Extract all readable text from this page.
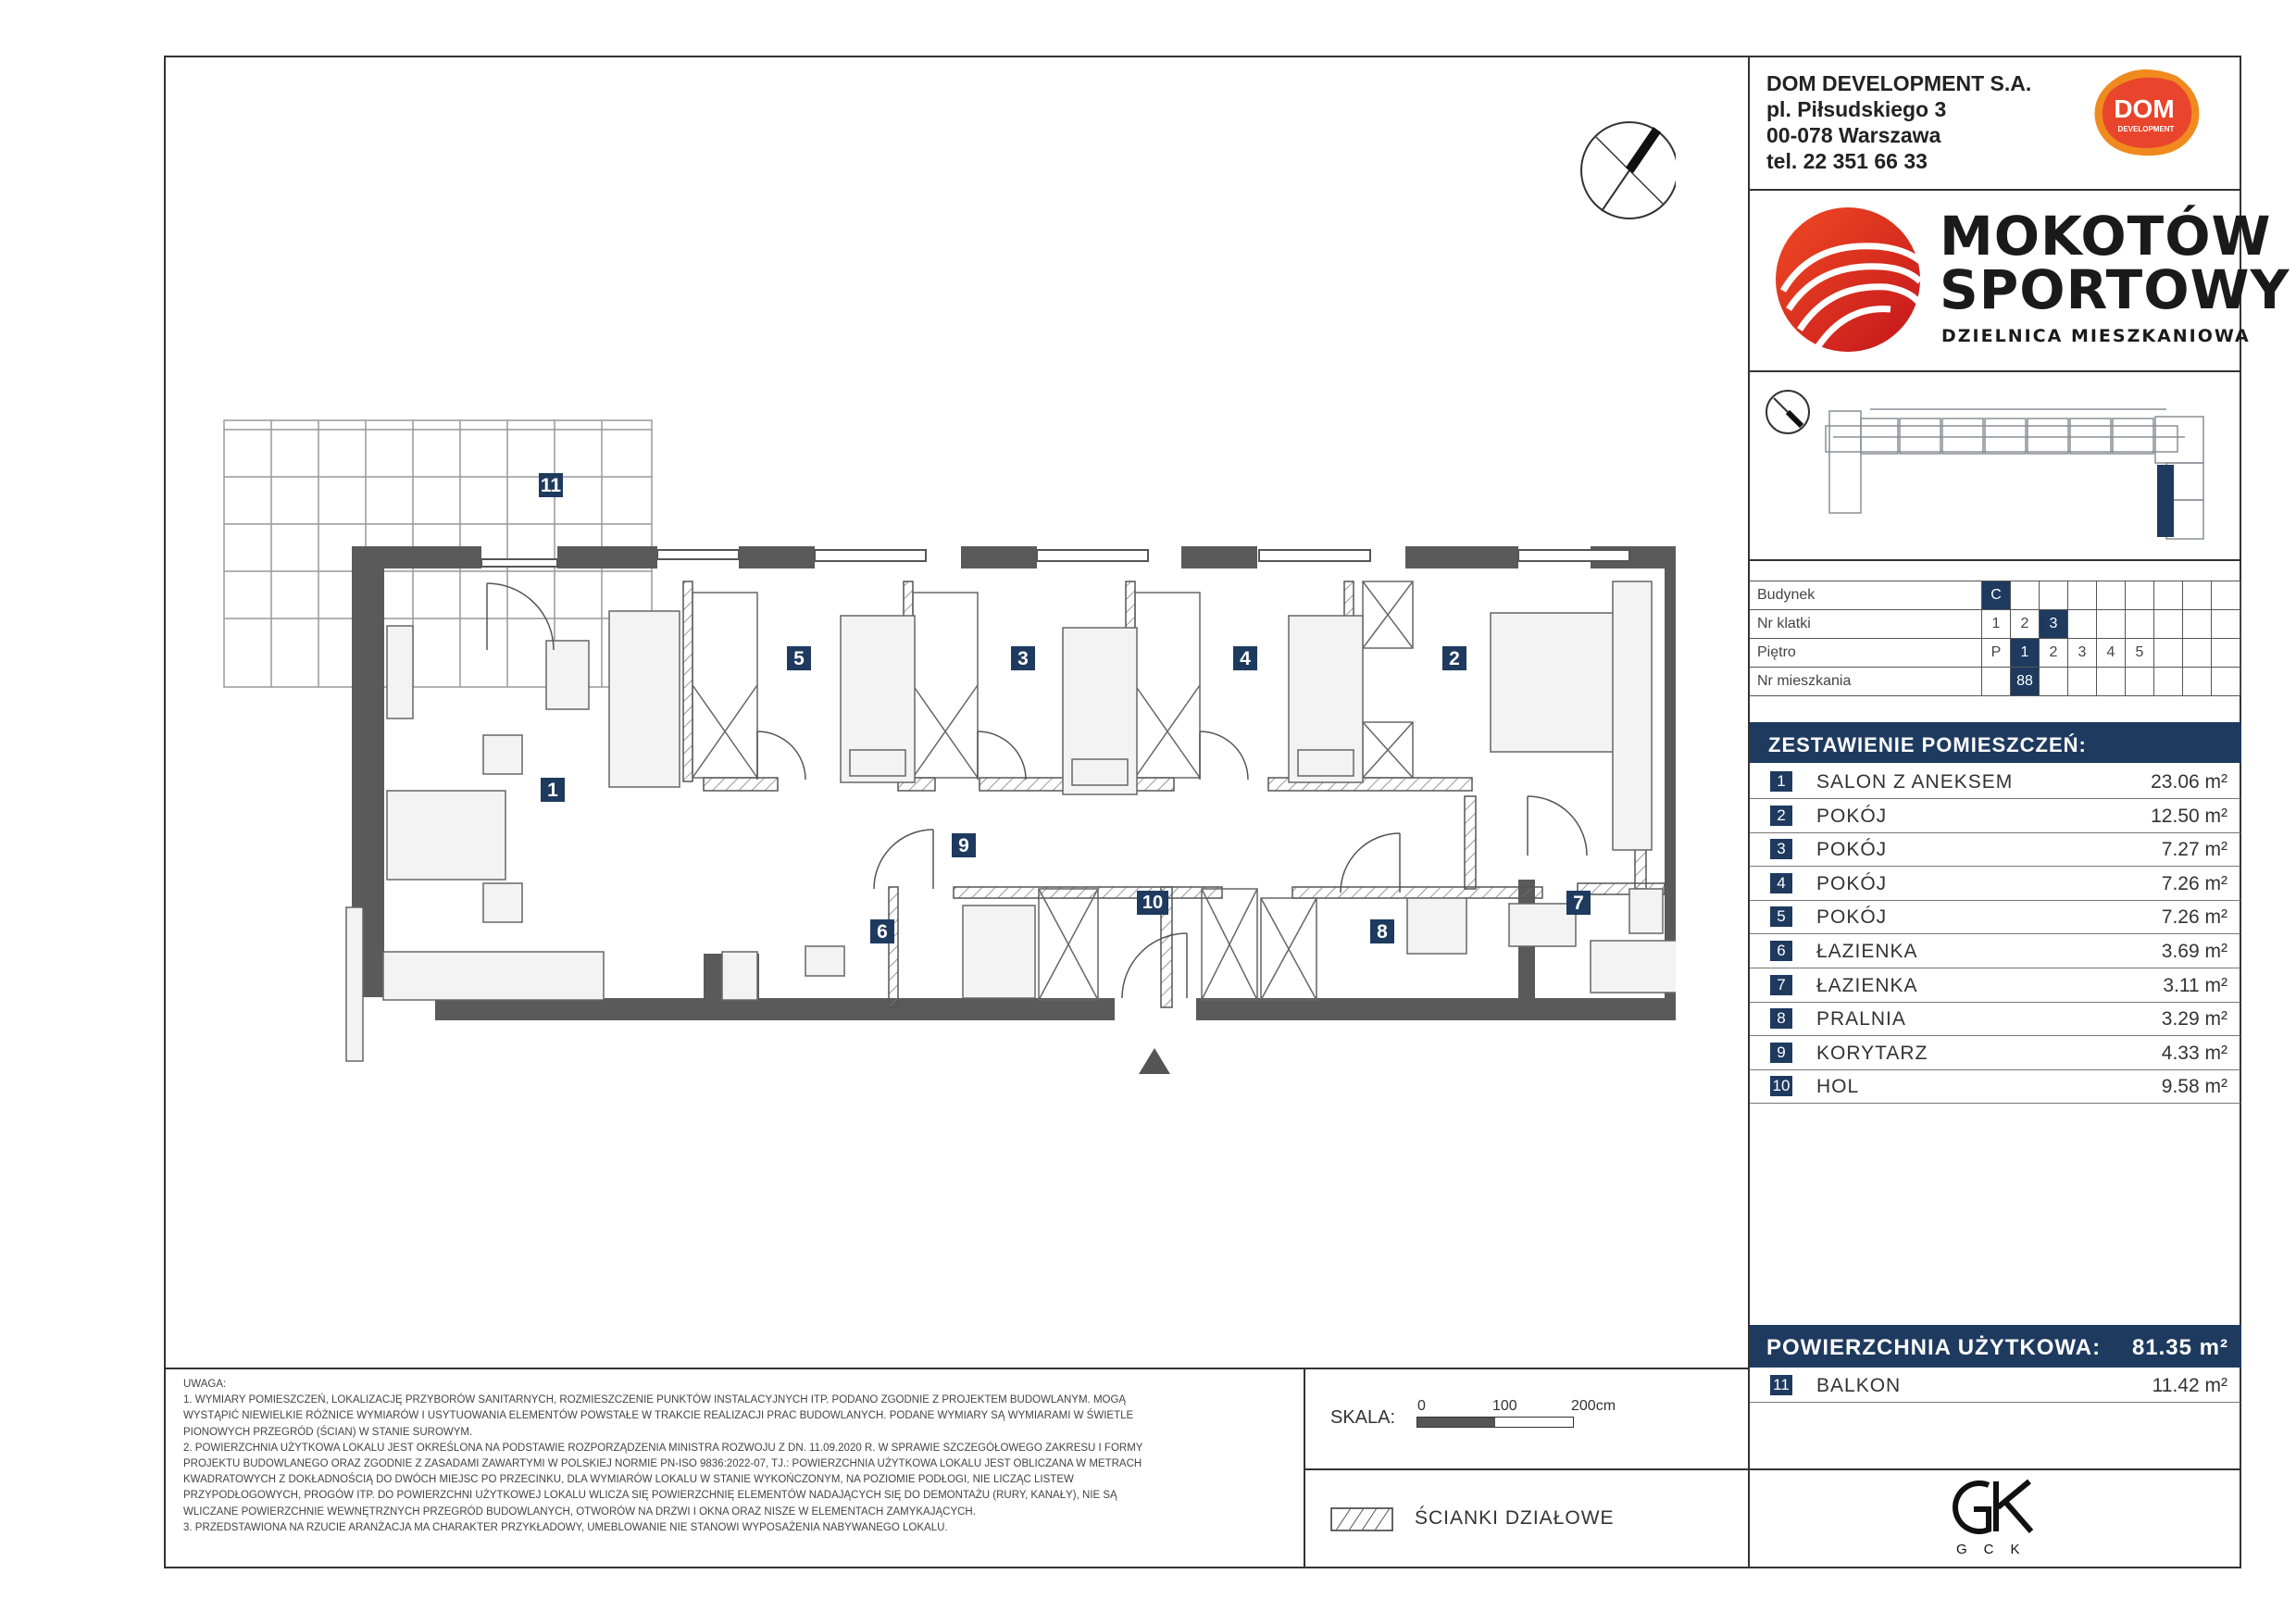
DOM DEVELOPMENT S.A.
pl. Piłsudskiego 3
00-078 Warszawa
tel. 22 351 66 33
DOM
DEVELOPMENT
MOKOTÓW
SPORTOWY
DZIELNICA MIESZKANIOWA
Budynek	C								
Nr klatki	1	2	3						
Piętro	P	1	2	3	4	5			
Nr mieszkania		88							
ZESTAWIENIE POMIESZCZEŃ:
1	SALON Z ANEKSEM	23.06 m²
2	POKÓJ	12.50 m²
3	POKÓJ	7.27 m²
4	POKÓJ	7.26 m²
5	POKÓJ	7.26 m²
6	ŁAZIENKA	3.69 m²
7	ŁAZIENKA	3.11 m²
8	PRALNIA	3.29 m²
9	KORYTARZ	4.33 m²
10 HOL	9.58 m²
POWIERZCHNIA UŻYTKOWA: 81.35 m²
11 BALKON	11.42 m²
UWAGA:
1. WYMIARY POMIESZCZEŃ, LOKALIZACJĘ PRZYBORÓW SANITARNYCH, ROZMIESZCZENIE PUNKTÓW INSTALACYJNYCH ITP. PODANO ZGODNIE Z PROJEKTEM BUDOWLANYM. MOGĄ
WYSTĄPIĆ NIEWIELKIE RÓŻNICE WYMIARÓW I USYTUOWANIA ELEMENTÓW POWSTAŁE W TRAKCIE REALIZACJI PRAC BUDOWLANYCH. PODANE WYMIARY SĄ WYMIARAMI W ŚWIETLE
PIONOWYCH PRZEGRÓD (ŚCIAN) W STANIE SUROWYM.
2. POWIERZCHNIA UŻYTKOWA LOKALU JEST OKREŚLONA NA PODSTAWIE ROZPORZĄDZENIA MINISTRA ROZWOJU Z DN. 11.09.2020 R. W SPRAWIE SZCZEGÓŁOWEGO ZAKRESU I FORMY
PROJEKTU BUDOWLANEGO ORAZ ZGODNIE Z ZASADAMI ZAWARTYMI W POLSKIEJ NORMIE PN-ISO 9836:2022-07, TJ.: POWIERZCHNIA UŻYTKOWA LOKALU JEST OBLICZANA W METRACH
KWADRATOWYCH Z DOKŁADNOŚCIĄ DO DWÓCH MIEJSC PO PRZECINKU, DLA WYMIARÓW LOKALU W STANIE WYKOŃCZONYM, NA POZIOMIE PODŁOGI, NIE LICZĄC LISTEW
PRZYPODŁOGOWYCH, PROGÓW ITP. DO POWIERZCHNI UŻYTKOWEJ LOKALU WLICZA SIĘ POWIERZCHNIĘ ELEMENTÓW NADAJĄCYCH SIĘ DO DEMONTAŻU (RURY, KANAŁY), NIE SĄ
WLICZANE POWIERZCHNIE WEWNĘTRZNYCH PRZEGRÓD BUDOWLANYCH, OTWORÓW NA DRZWI I OKNA ORAZ NISZE W ELEMENTACH ZAMYKAJĄCYCH.
3. PRZEDSTAWIONA NA RZUCIE ARANŻACJA MA CHARAKTER PRZYKŁADOWY, UMEBLOWANIE NIE STANOWI WYPOSAŻENIA NABYWANEGO LOKALU.
SKALA:
0	100	200cm
ŚCIANKI DZIAŁOWE
GCK
11
1
2
3	4
5
6
7
8
9
10
